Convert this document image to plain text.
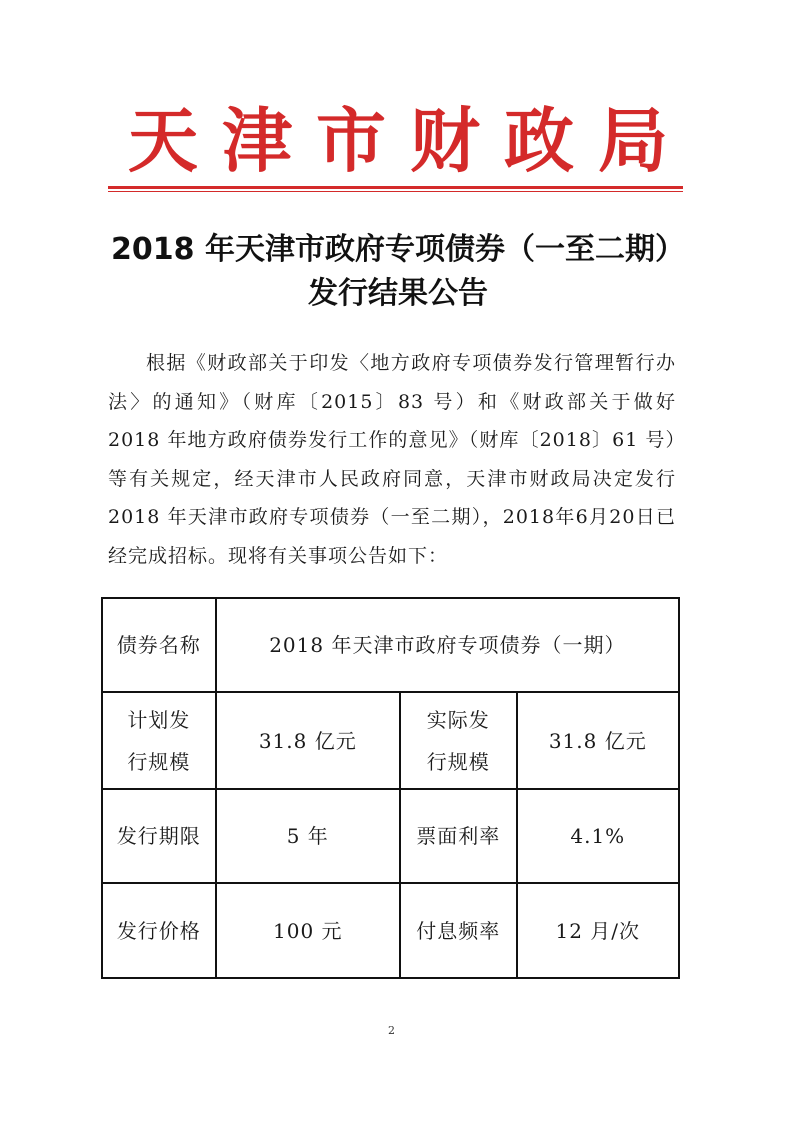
天津市财政局
2018 年天津市政府专项债券（一至二期）
发行结果公告
根据《财政部关于印发〈地方政府专项债券发行管理暂行办法〉的通知》（财库〔2015〕83 号）和《财政部关于做好 2018 年地方政府债券发行工作的意见》（财库〔2018〕61 号）等有关规定，经天津市人民政府同意，天津市财政局决定发行 2018 年天津市政府专项债券（一至二期），2018年6月20日已经完成招标。现将有关事项公告如下：
债券名称	2018 年天津市政府专项债券（一期）		
计划发行规模	31.8 亿元	实际发行规模	31.8 亿元
发行期限	5 年	票面利率	4.1%
发行价格	100 元	付息频率	12 月/次
2
